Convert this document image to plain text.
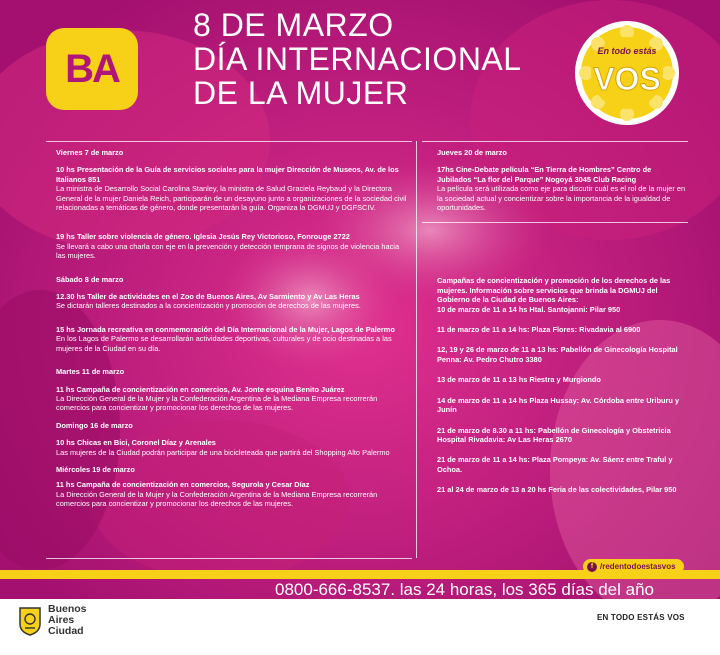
BA
8 DE MARZO
DÍA INTERNACIONAL
DE LA MUJER
En todo estás
VOS
Viernes 7 de marzo
10 hs Presentación de la Guía de servicios sociales para la mujer Dirección de Museos, Av. de los Italianos 851
La ministra de Desarrollo Social Carolina Stanley, la ministra de Salud Graciela Reybaud y la Directora General de la mujer Daniela Reich, participarán de un desayuno junto a organizaciones de la sociedad civil relacionadas a temáticas de género, donde presentarán la guía. Organiza la DGMUJ y DGFSCIV.
19 hs Taller sobre violencia de género. Iglesia Jesús Rey Victorioso, Fonrouge 2722
Se llevará a cabo una charla con eje en la prevención y detección temprana de signos de violencia hacia las mujeres.
Sábado 8 de marzo
12.30 hs Taller de actividades en el Zoo de Buenos Aires, Av Sarmiento y Av Las Heras
Se dictarán talleres destinados a la concientización y promoción de derechos de las mujeres.
15 hs Jornada recreativa en conmemoración del Día Internacional de la Mujer, Lagos de Palermo
En los Lagos de Palermo se desarrollarán actividades deportivas, culturales y de ocio destinadas a las mujeres de la Ciudad en su día.
Martes 11 de marzo
11 hs Campaña de concientización en comercios, Av. Jonte esquina Benito Juárez
La Dirección General de la Mujer y la Confederación Argentina de la Mediana Empresa recorrerán comercios para concientizar y promocionar los derechos de las mujeres.
Domingo 16 de marzo
10 hs Chicas en Bici, Coronel Díaz y Arenales
Las mujeres de la Ciudad podrán participar de una bicicleteada que partirá del Shopping Alto Palermo
Miércoles 19 de marzo
11 hs Campaña de concientización en comercios, Segurola y Cesar Díaz
La Dirección General de la Mujer y la Confederación Argentina de la Mediana Empresa recorrerán comercios para concientizar y promocionar los derechos de las mujeres.
Jueves 20 de marzo
17hs Cine-Debate película “En Tierra de Hombres” Centro de Jubilados “La flor del Parque” Nogoyá 3045 Club Racing
La película será utilizada como eje para discutir cuál es el rol de la mujer en la sociedad actual y concientizar sobre la importancia de la igualdad de oportunidades.
Campañas de concientización y promoción de los derechos de las mujeres. Información sobre servicios que brinda la DGMUJ del Gobierno de la Ciudad de Buenos Aires:
10 de marzo de 11 a 14 hs Htal. Santojanni: Pilar 950
11 de marzo de 11 a 14 hs: Plaza Flores: Rivadavia al 6900
12, 19 y 26 de marzo de 11 a 13 hs: Pabellón de Ginecología Hospital Penna: Av. Pedro Chutro 3380
13 de marzo de 11 a 13 hs Riestra y Murgiondo
14 de marzo de 11 a 14 hs Plaza Hussay: Av. Córdoba entre Uriburu y Junín
21 de marzo de 8.30 a 11 hs: Pabellón de Ginecología y Obstetricia Hospital Rivadavia: Av Las Heras 2670
21 de marzo de 11 a 14 hs: Plaza Pompeya: Av. Sáenz entre Traful y Ochoa.
21 al 24 de marzo de 13 a 20 hs Feria de las colectividades, Pilar 950
f /redentodoestasvos
0800-666-8537. las 24 horas, los 365 días del año
Buenos
Aires
Ciudad
EN TODO ESTÁS VOS
